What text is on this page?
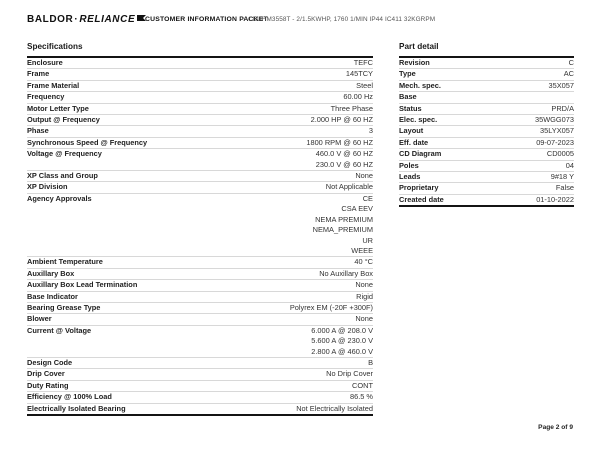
BALDOR · RELIANCE CUSTOMER INFORMATION PACKET
CEUHM3558T - 2/1.5KWHP, 1760 1/MIN IP44 IC411 32KGRPM
Specifications
Enclosure	TEFC
Frame	145TCY
Frame Material	Steel
Frequency	60.00 Hz
Motor Letter Type	Three Phase
Output @ Frequency	2.000 HP @ 60 HZ
Phase	3
Synchronous Speed @ Frequency	1800 RPM @ 60 HZ
Voltage @ Frequency	460.0 V @ 60 HZ
230.0 V @ 60 HZ
XP Class and Group	None
XP Division	Not Applicable
Agency Approvals	CE
CSA EEV
NEMA PREMIUM
NEMA_PREMIUM
UR
WEEE
Ambient Temperature	40 °C
Auxillary Box	No Auxillary Box
Auxillary Box Lead Termination	None
Base Indicator	Rigid
Bearing Grease Type	Polyrex EM (-20F +300F)
Blower	None
Current @ Voltage	6.000 A @ 208.0 V
5.600 A @ 230.0 V
2.800 A @ 460.0 V
Design Code	B
Drip Cover	No Drip Cover
Duty Rating	CONT
Efficiency @ 100% Load	86.5 %
Electrically Isolated Bearing	Not Electrically Isolated
Part detail
Revision	C
Type	AC
Mech. spec.	35X057
Base
Status	PRD/A
Elec. spec.	35WGG073
Layout	35LYX057
Eff. date	09-07-2023
CD Diagram	CD0005
Poles	04
Leads	9#18 Y
Proprietary	False
Created date	01-10-2022
Page 2 of 9
